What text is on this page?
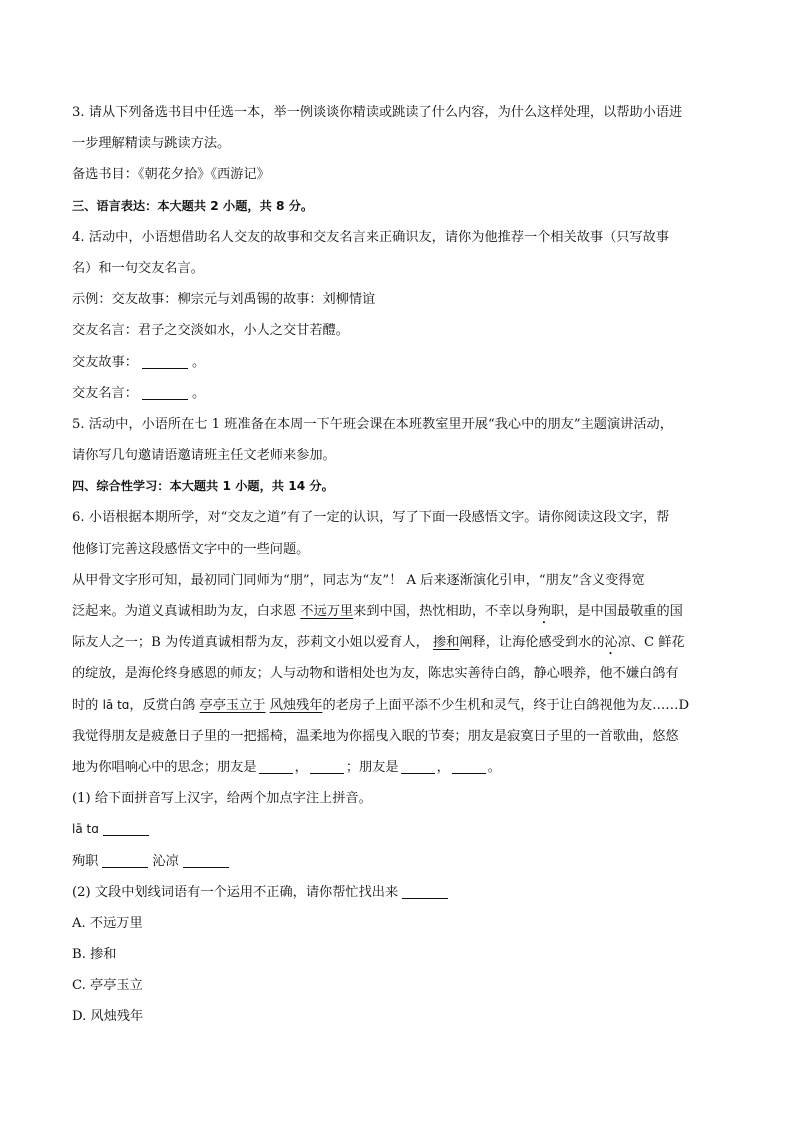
3. 请从下列备选书目中任选一本，举一例谈谈你精读或跳读了什么内容，为什么这样处理，以帮助小语进
一步理解精读与跳读方法。
备选书目：《朝花夕拾》《西游记》
三、语言表达：本大题共 2 小题，共 8 分。
4. 活动中，小语想借助名人交友的故事和交友名言来正确识友，请你为他推荐一个相关故事（只写故事
名）和一句交友名言。
示例：交友故事：柳宗元与刘禹锡的故事：刘柳情谊
交友名言：君子之交淡如水，小人之交甘若醴。
交友故事：	。
交友名言：	。
5. 活动中，小语所在七 1 班准备在本周一下午班会课在本班教室里开展“我心中的朋友”主题演讲活动，
请你写几句邀请语邀请班主任文老师来参加。
四、综合性学习：本大题共 1 小题，共 14 分。
6. 小语根据本期所学，对“交友之道”有了一定的认识，写了下面一段感悟文字。请你阅读这段文字，帮
他修订完善这段感悟文字中的一些问题。
从甲骨文字形可知，最初同门同师为“朋”，同志为“友”！ A 后来逐渐演化引申，“朋友”含义变得宽
泛起来。为道义真诚相助为友，白求恩 不远万里来到中国，热忱相助，不幸以身殉职，是中国最敬重的国
际友人之一；B 为传道真诚相帮为友，莎莉文小姐以爱育人， 掺和阐释，让海伦感受到水的沁凉、C 鲜花
的绽放，是海伦终身感恩的师友；人与动物和谐相处也为友，陈忠实善待白鸽，静心喂养，他不嫌白鸽有
时的 lā tɑ，反赏白鸽 亭亭玉立于 风烛残年的老房子上面平添不少生机和灵气，终于让白鸽视他为友……D
我觉得朋友是疲惫日子里的一把摇椅，温柔地为你摇曳入眠的节奏；朋友是寂寞日子里的一首歌曲，悠悠
地为你唱响心中的思念；朋友是	，	；朋友是	，	。
(1) 给下面拼音写上汉字，给两个加点字注上拼音。
lā tɑ
殉职	沁凉
(2) 文段中划线词语有一个运用不正确，请你帮忙找出来
A. 不远万里
B. 掺和
C. 亭亭玉立
D. 风烛残年
